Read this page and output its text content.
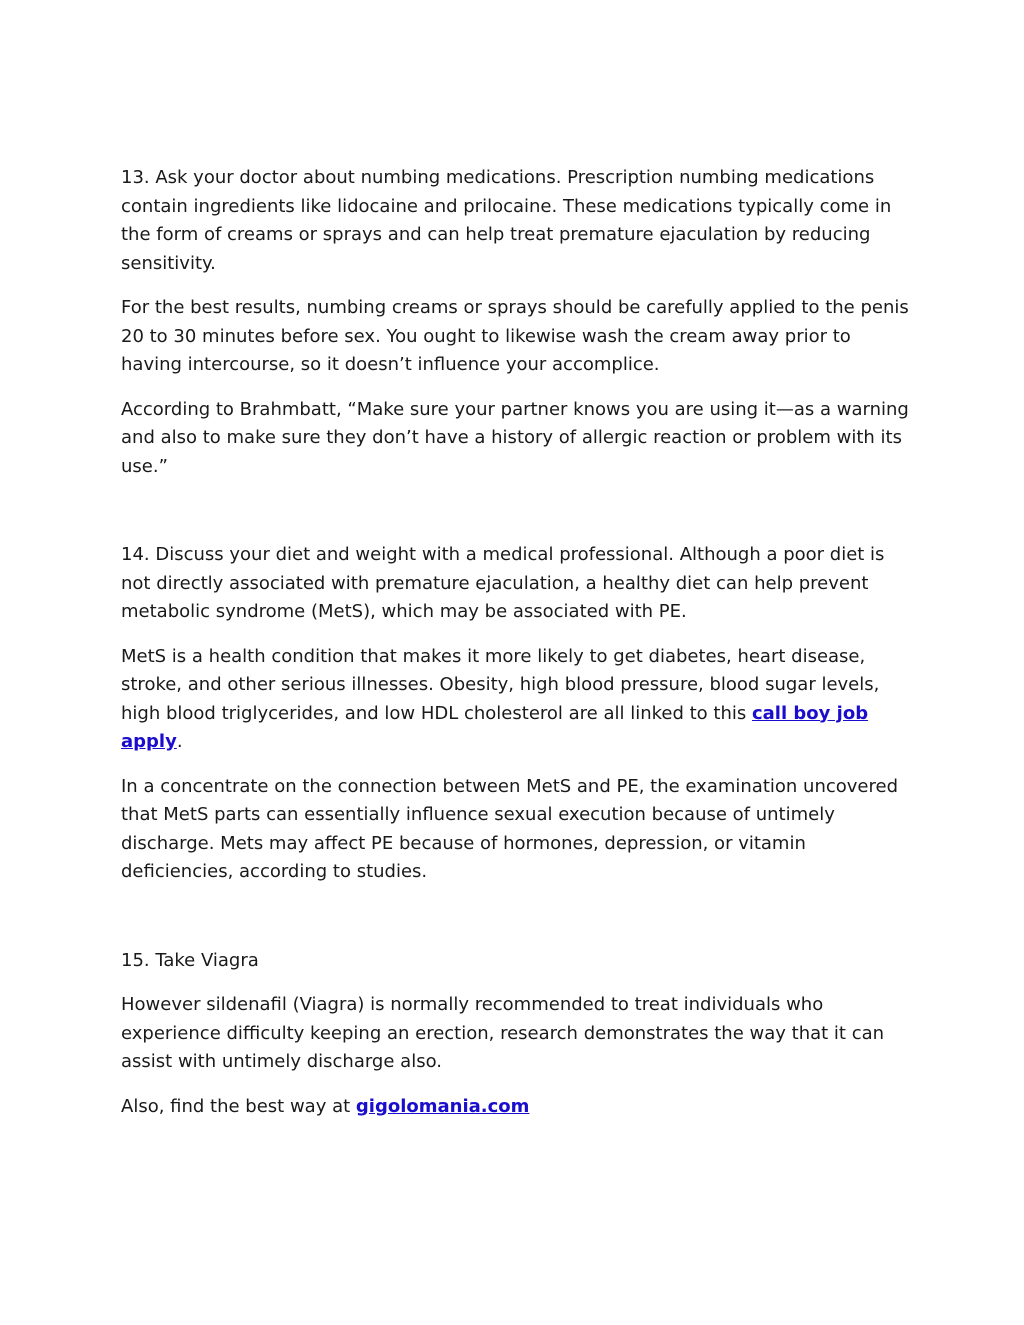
13. Ask your doctor about numbing medications. Prescription numbing medications contain ingredients like lidocaine and prilocaine. These medications typically come in the form of creams or sprays and can help treat premature ejaculation by reducing sensitivity.

For the best results, numbing creams or sprays should be carefully applied to the penis 20 to 30 minutes before sex. You ought to likewise wash the cream away prior to having intercourse, so it doesn’t influence your accomplice.

According to Brahmbatt, “Make sure your partner knows you are using it—as a warning and also to make sure they don’t have a history of allergic reaction or problem with its use.”

14. Discuss your diet and weight with a medical professional. Although a poor diet is not directly associated with premature ejaculation, a healthy diet can help prevent metabolic syndrome (MetS), which may be associated with PE.

MetS is a health condition that makes it more likely to get diabetes, heart disease, stroke, and other serious illnesses. Obesity, high blood pressure, blood sugar levels, high blood triglycerides, and low HDL cholesterol are all linked to this call boy job apply.

In a concentrate on the connection between MetS and PE, the examination uncovered that MetS parts can essentially influence sexual execution because of untimely discharge. Mets may affect PE because of hormones, depression, or vitamin deficiencies, according to studies.

15. Take Viagra

However sildenafil (Viagra) is normally recommended to treat individuals who experience difficulty keeping an erection, research demonstrates the way that it can assist with untimely discharge also.

Also, find the best way at gigolomania.com
